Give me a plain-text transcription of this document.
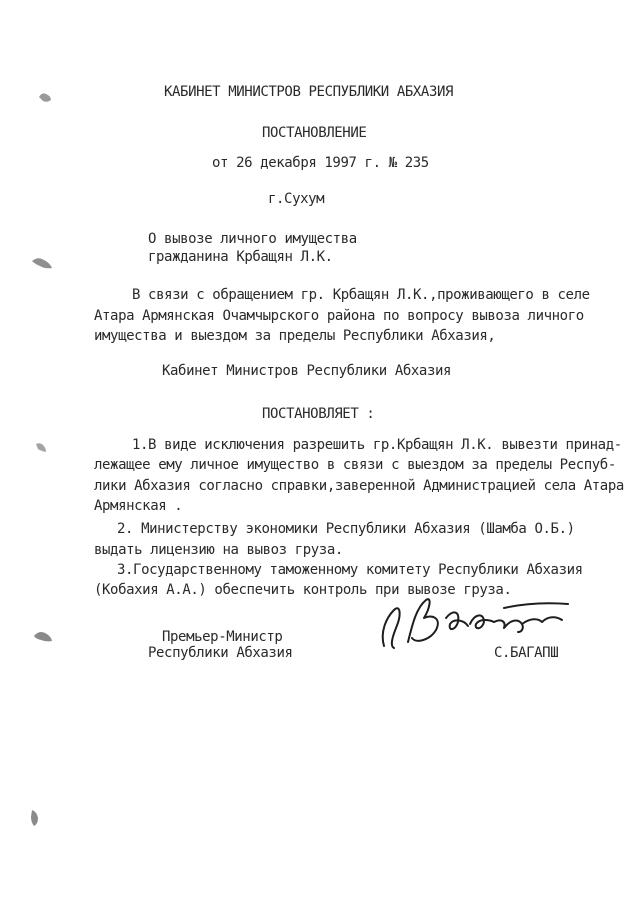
КАБИНЕТ МИНИСТРОВ РЕСПУБЛИКИ АБХАЗИЯ
ПОСТАНОВЛЕНИЕ
от 26 декабря 1997 г. № 235
г.Сухум
О вывозе личного имущества
гражданина Крбащян Л.К.
В связи с обращением гр. Крбащян Л.К.,проживающего в селе
Атара Армянская Очамчырского района по вопросу вывоза личного
имущества и выездом за пределы Республики Абхазия,
Кабинет Министров Республики Абхазия
ПОСТАНОВЛЯЕТ :
1.В виде исключения разрешить гр.Крбащян Л.К. вывезти принад-
лежащее ему личное имущество в связи с выездом за пределы Респуб-
лики Абхазия согласно справки,заверенной Администрацией села Атара
Армянская .
2. Министерству экономики Республики Абхазия (Шамба О.Б.)
выдать лицензию на вывоз груза.
3.Государственному таможенному комитету Республики Абхазия
(Кобахия А.А.) обеспечить контроль при вывозе груза.
Премьер-Министр
Республики Абхазия	С.БАГАПШ
